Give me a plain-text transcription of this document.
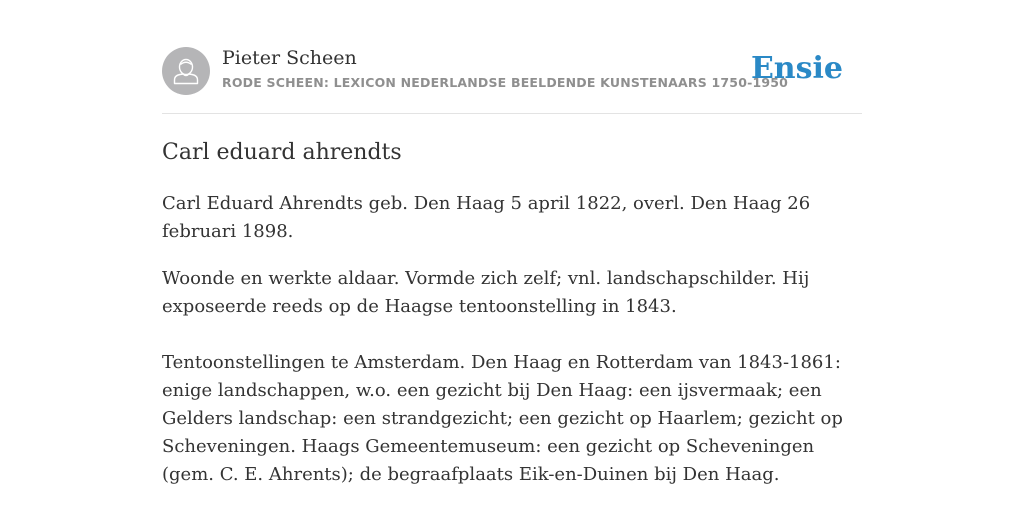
Pieter Scheen
RODE SCHEEN: LEXICON NEDERLANDSE BEELDENDE KUNSTENAARS 1750-1950
Ensie
Carl eduard ahrendts

Carl Eduard Ahrendts geb. Den Haag 5 april 1822, overl. Den Haag 26 februari 1898.

Woonde en werkte aldaar. Vormde zich zelf; vnl. landschapschilder. Hij exposeerde reeds op de Haagse tentoonstelling in 1843.

Tentoonstellingen te Amsterdam. Den Haag en Rotterdam van 1843-1861: enige landschappen, w.o. een gezicht bij Den Haag: een ijsvermaak; een Gelders landschap: een strandgezicht; een gezicht op Haarlem; gezicht op Scheveningen. Haags Gemeentemuseum: een gezicht op Scheveningen (gem. C. E. Ahrents); de begraafplaats Eik-en-Duinen bij Den Haag.
